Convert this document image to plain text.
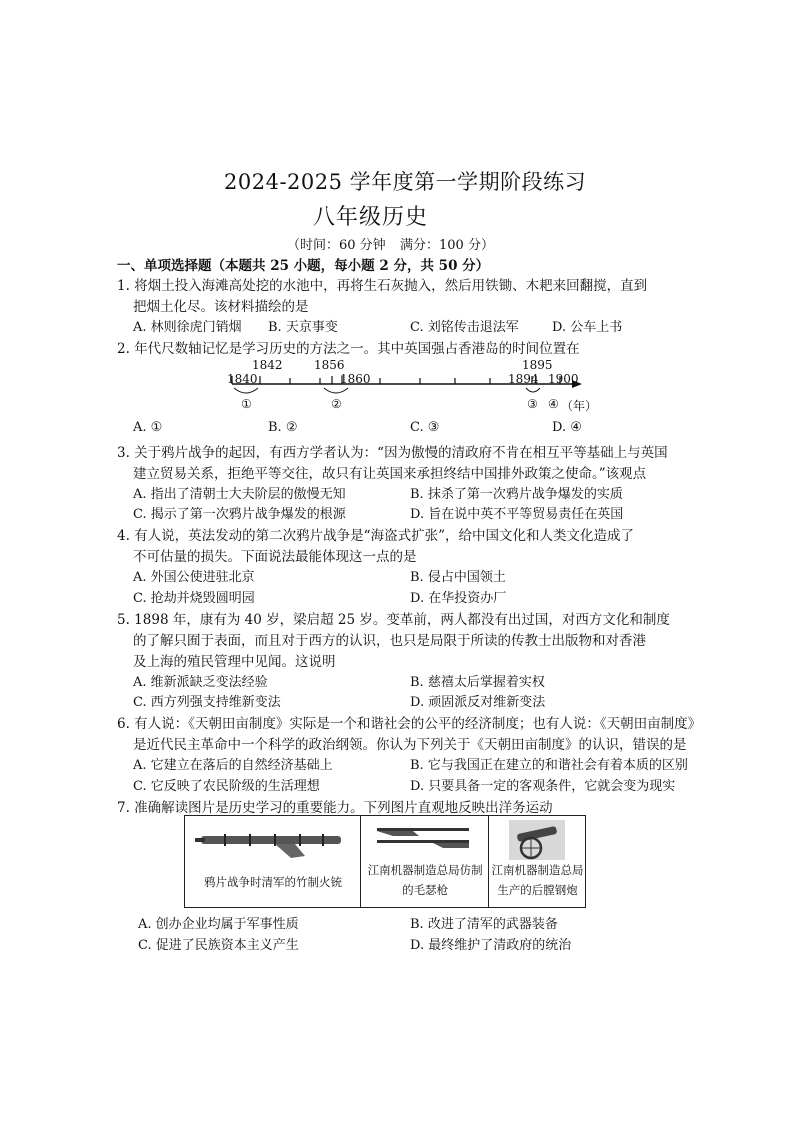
2024-2025 学年度第一学期阶段练习
八年级历史
（时间：60 分钟 满分：100 分）
一、单项选择题（本题共 25 小题，每小题 2 分，共 50 分）
1. 将烟土投入海滩高处挖的水池中，再将生石灰抛入，然后用铁锄、木耙来回翻搅，直到
把烟土化尽。该材料描绘的是
A. 林则徐虎门销烟 B. 天京事变	C. 刘铭传击退法军	D. 公车上书
2. 年代尺数轴记忆是学习历史的方法之一。其中英国强占香港岛的时间位置在
1840
1842	1856
1860	1894
1895
1900
①	②	③ ④ （年）
A. ①	B. ②	C. ③	D. ④
3. 关于鸦片战争的起因，有西方学者认为：“因为傲慢的清政府不肯在相互平等基础上与英国
建立贸易关系，拒绝平等交往，故只有让英国来承担终结中国排外政策之使命。”该观点
A. 指出了清朝士大夫阶层的傲慢无知	B. 抹杀了第一次鸦片战争爆发的实质
C. 揭示了第一次鸦片战争爆发的根源	D. 旨在说中英不平等贸易责任在英国
4. 有人说，英法发动的第二次鸦片战争是“海盗式扩张”，给中国文化和人类文化造成了
不可估量的损失。下面说法最能体现这一点的是
A. 外国公使进驻北京	B. 侵占中国领土
C. 抢劫并烧毁圆明园	D. 在华投资办厂
5. 1898 年，康有为 40 岁，梁启超 25 岁。变革前，两人都没有出过国，对西方文化和制度
的了解只囿于表面，而且对于西方的认识，也只是局限于所读的传教士出版物和对香港
及上海的殖民管理中见闻。这说明
A. 维新派缺乏变法经验	B. 慈禧太后掌握着实权
C. 西方列强支持维新变法	D. 顽固派反对维新变法
6. 有人说：《天朝田亩制度》实际是一个和谐社会的公平的经济制度；也有人说：《天朝田亩制度》
是近代民主革命中一个科学的政治纲领。你认为下列关于《天朝田亩制度》的认识，错误的是
A. 它建立在落后的自然经济基础上	B. 它与我国正在建立的和谐社会有着本质的区别
C. 它反映了农民阶级的生活理想	D. 只要具备一定的客观条件，它就会变为现实
7. 准确解读图片是历史学习的重要能力。下列图片直观地反映出洋务运动
鸦片战争时清军的竹制火铳

江南机器制造总局仿制的毛瑟枪

江南机器制造总局生产的后膛钢炮
A. 创办企业均属于军事性质	B. 改进了清军的武器装备
C. 促进了民族资本主义产生	D. 最终维护了清政府的统治
